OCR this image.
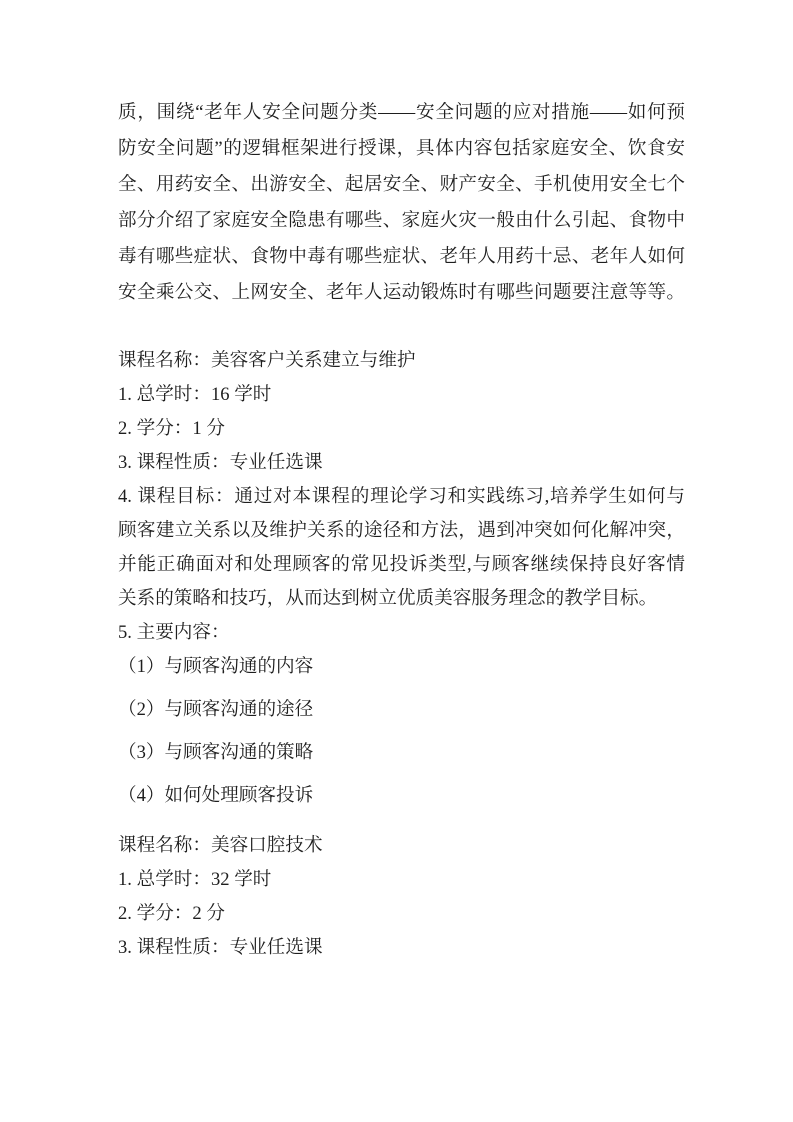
质，围绕“老年人安全问题分类——安全问题的应对措施——如何预
防安全问题”的逻辑框架进行授课，具体内容包括家庭安全、饮食安
全、用药安全、出游安全、起居安全、财产安全、手机使用安全七个
部分介绍了家庭安全隐患有哪些、家庭火灾一般由什么引起、食物中
毒有哪些症状、食物中毒有哪些症状、老年人用药十忌、老年人如何
安全乘公交、上网安全、老年人运动锻炼时有哪些问题要注意等等。
课程名称：美容客户关系建立与维护
1. 总学时：16 学时
2. 学分：1 分
3. 课程性质：专业任选课
4. 课程目标：通过对本课程的理论学习和实践练习,培养学生如何与
顾客建立关系以及维护关系的途径和方法，遇到冲突如何化解冲突，
并能正确面对和处理顾客的常见投诉类型,与顾客继续保持良好客情
关系的策略和技巧，从而达到树立优质美容服务理念的教学目标。
5. 主要内容：
（1）与顾客沟通的内容
（2）与顾客沟通的途径
（3）与顾客沟通的策略
（4）如何处理顾客投诉
课程名称：美容口腔技术
1. 总学时：32 学时
2. 学分：2 分
3. 课程性质：专业任选课
